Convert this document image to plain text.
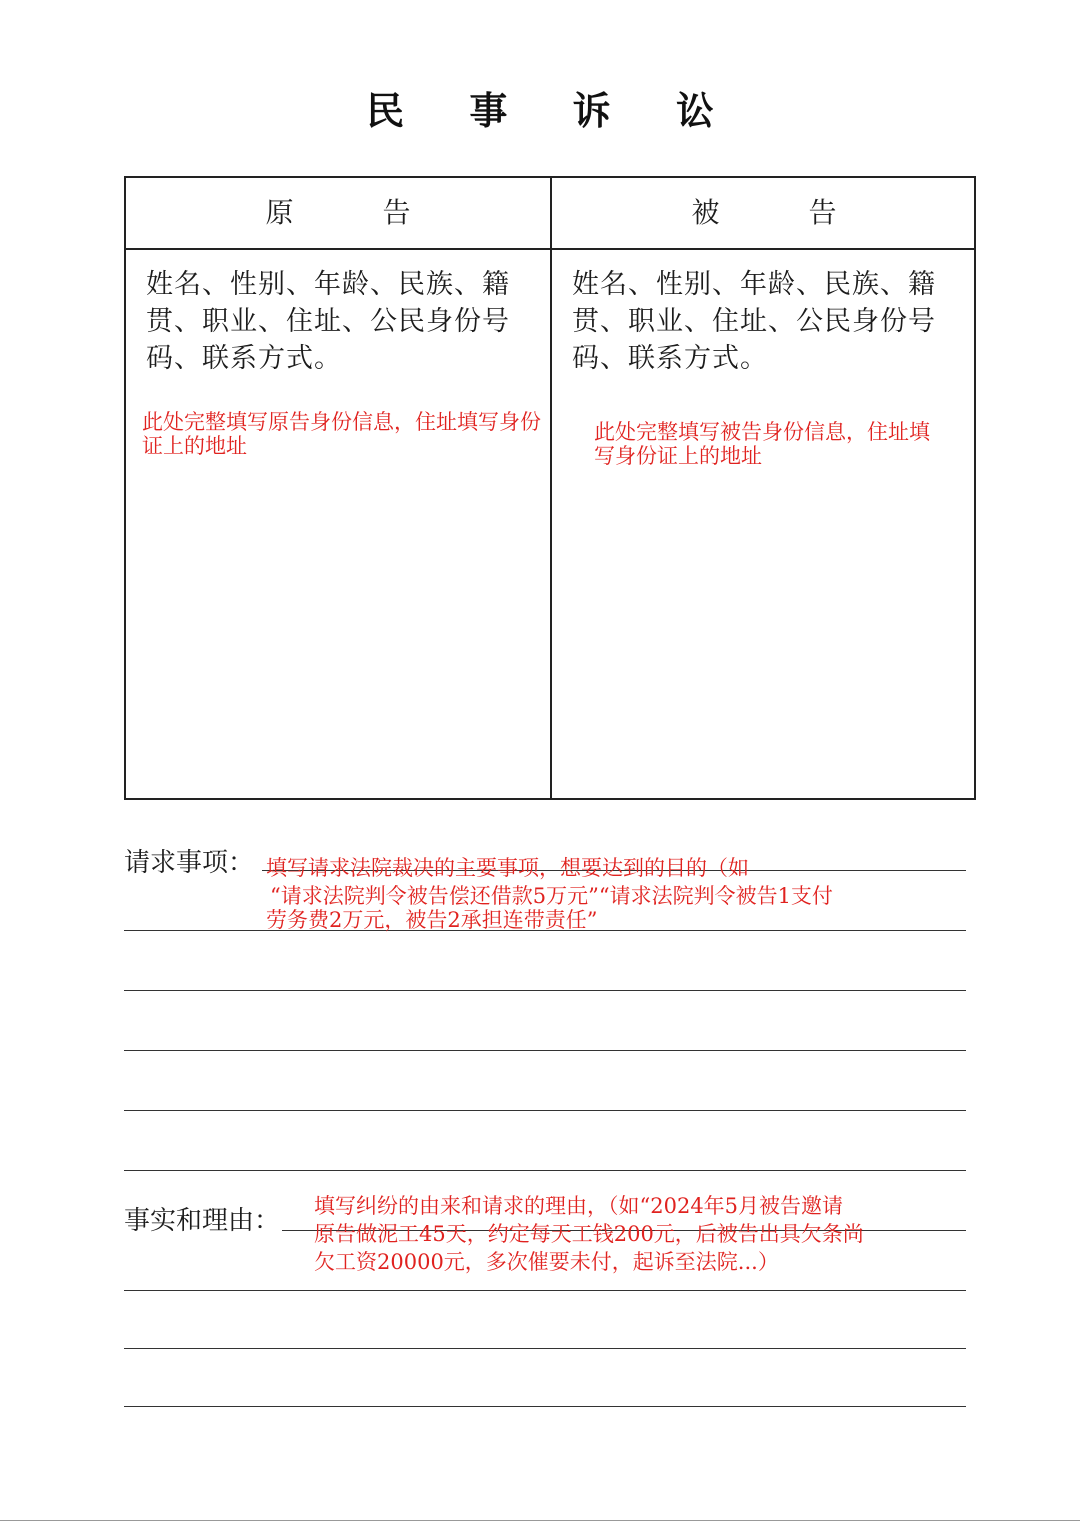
民 事 诉 讼
原 告	被 告
姓名、性别、年龄、民族、籍贯、职业、住址、公民身份号码、联系方式。
姓名、性别、年龄、民族、籍贯、职业、住址、公民身份号码、联系方式。
此处完整填写原告身份信息，住址填写身份证上的地址
此处完整填写被告身份信息，住址填写身份证上的地址
请求事项： 填写请求法院裁决的主要事项，想要达到的目的（如
“请求法院判令被告偿还借款5万元”“请求法院判令被告1支付
劳务费2万元，被告2承担连带责任”
事实和理由： 填写纠纷的由来和请求的理由，（如“2024年5月被告邀请
原告做泥工45天，约定每天工钱200元，后被告出具欠条尚
欠工资20000元，多次催要未付，起诉至法院...）
